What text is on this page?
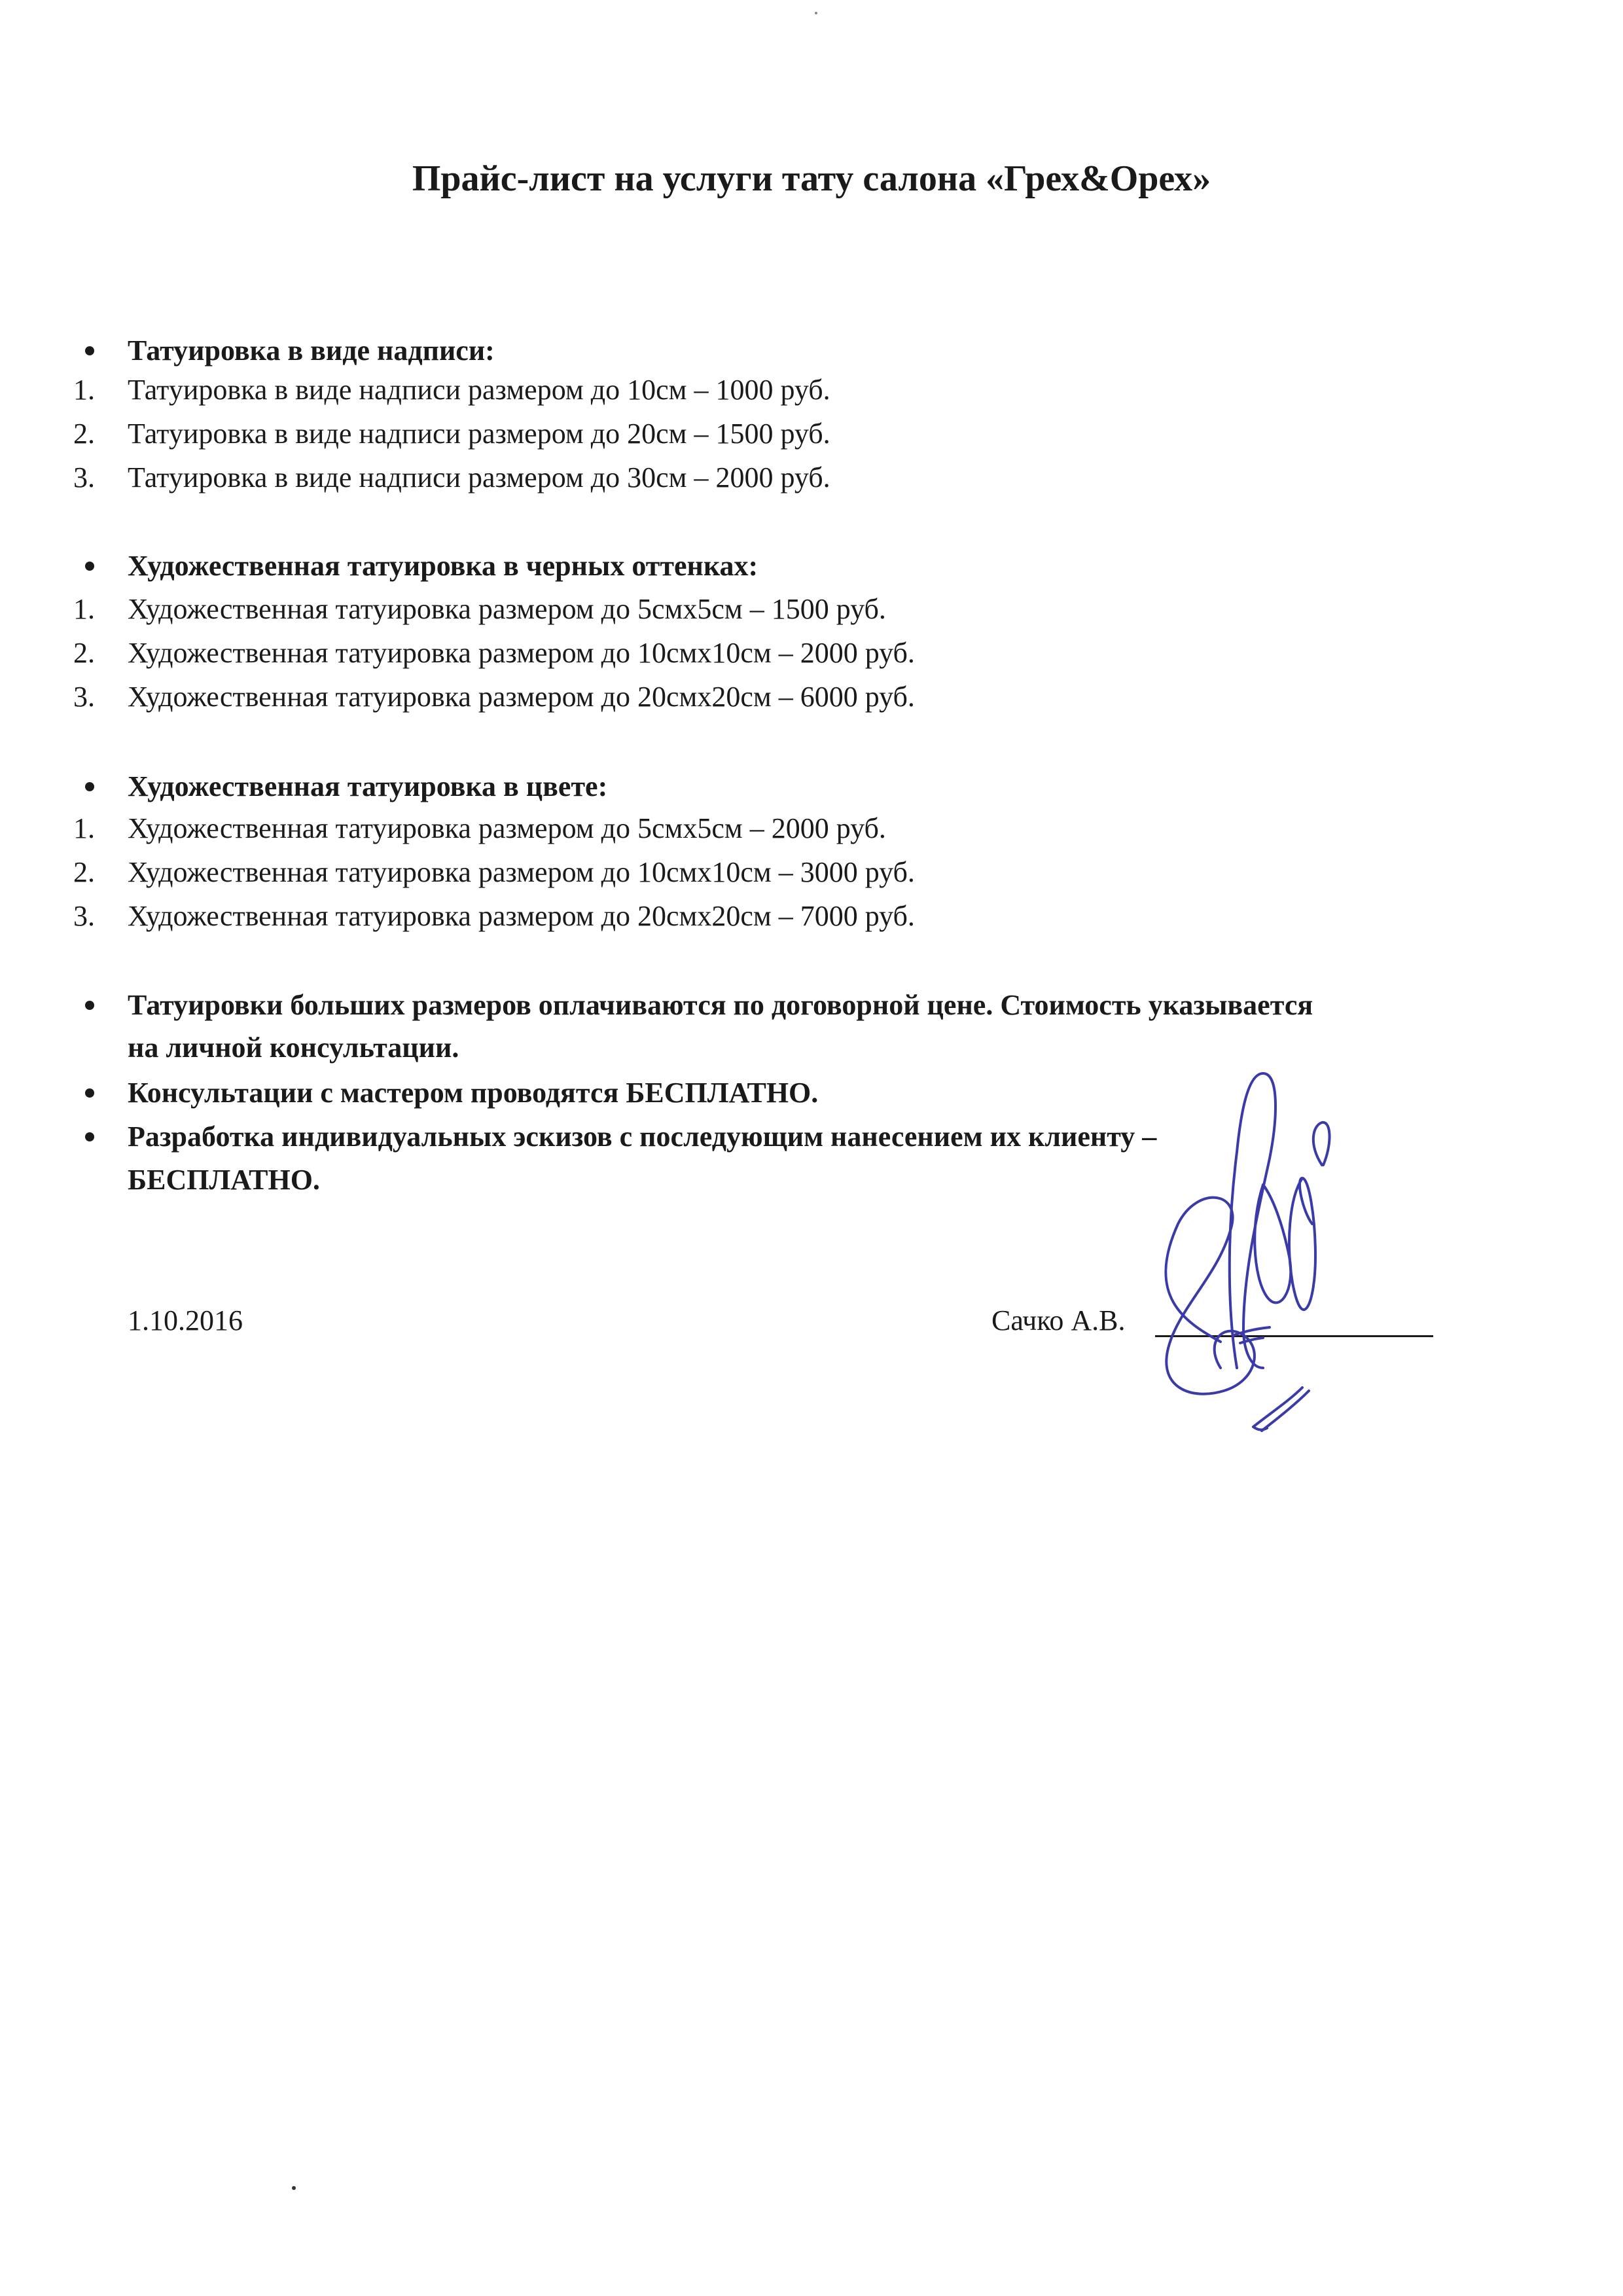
Прайс-лист на услуги тату салона «Грех&Орех»
Татуировка в виде надписи:
1. Татуировка в виде надписи размером до 10см – 1000 руб.
2. Татуировка в виде надписи размером до 20см – 1500 руб.
3. Татуировка в виде надписи размером до 30см – 2000 руб.
Художественная татуировка в черных оттенках:
1. Художественная татуировка размером до 5смх5см – 1500 руб.
2. Художественная татуировка размером до 10смх10см – 2000 руб.
3. Художественная татуировка размером до 20смх20см – 6000 руб.
Художественная татуировка в цвете:
1. Художественная татуировка размером до 5смх5см – 2000 руб.
2. Художественная татуировка размером до 10смх10см – 3000 руб.
3. Художественная татуировка размером до 20смх20см – 7000 руб.
Татуировки больших размеров оплачиваются по договорной цене. Стоимость указывается
на личной консультации.
Консультации с мастером проводятся БЕСПЛАТНО.
Разработка индивидуальных эскизов с последующим нанесением их клиенту –
БЕСПЛАТНО.
1.10.2016	Сачко А.В.
